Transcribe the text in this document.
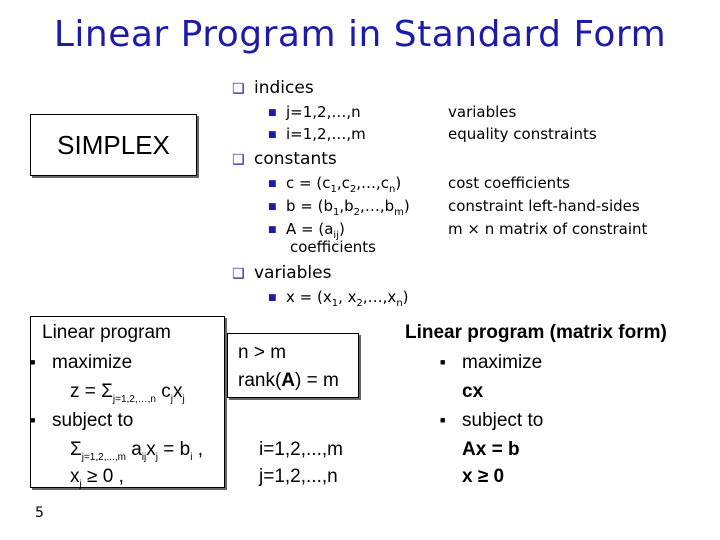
Linear Program in Standard Form
SIMPLEX
❑ indices
■ j=1,2,…,n	variables
■ i=1,2,…,m	equality constraints
❑ constants
■ $c = (c_1,c_2,\dots,c_n)$	cost coefficients
■ $b = (b_1,b_2,\dots,b_m)$	constraint left-hand-sides
■ $A = (a_{ij})$	m × n matrix of constraint
coefficients
❑ variables
■ $x = (x_1$, $x_2,\dots,x_n$)
Linear program
■ maximize
$z = \Sigma_{j=1,2,\dots,n}$ $c_jx_j$
■ subject to
$\Sigma_{j=1,2,...,m}$ $a_{ij}x_j = b_i$ ,
$x_j \ge 0$ ,
n > m
rank(A) = m
i=1,2,...,m
j=1,2,...,n
Linear program (matrix form)
■ maximize
cx
■ subject to
Ax = b
x ≥ 0
5
